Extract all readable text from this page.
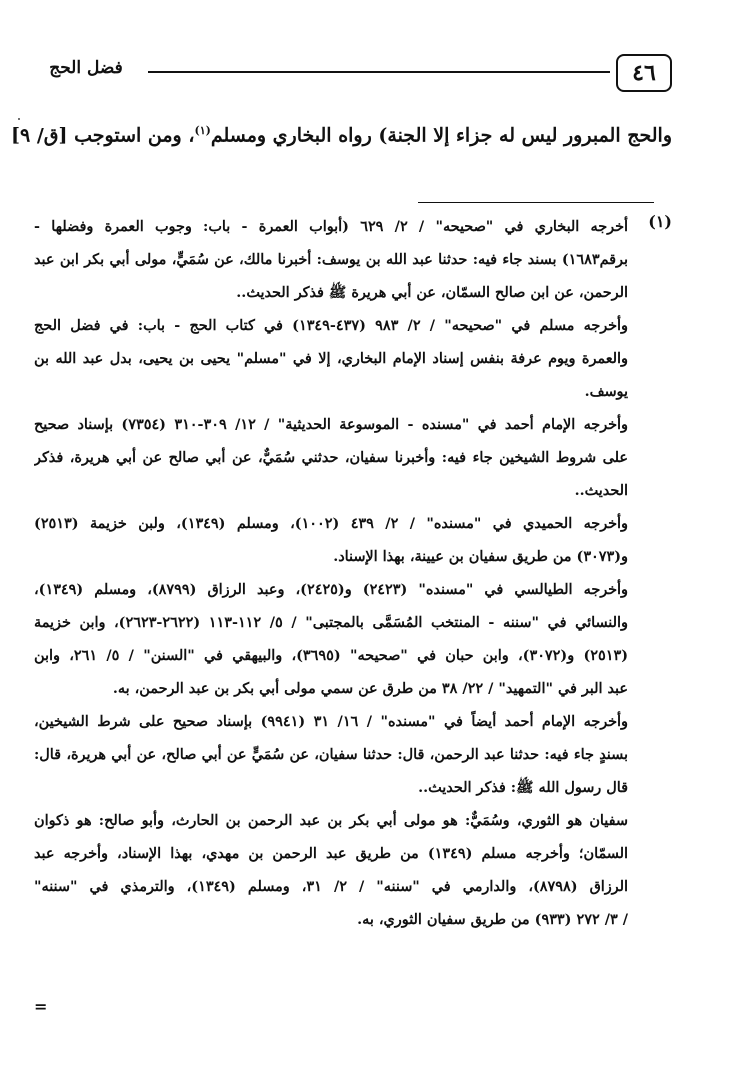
٤٦
فضل الحج
والحج المبرور ليس له جزاء إلا الجنة) رواه البخاري ومسلم$^{(١)}$، ومن استوجب [ق/ ٩]
(١)
أخرجه البخاري في "صحيحه" / ٢/ ٦٢٩ (أبواب العمرة - باب: وجوب العمرة وفضلها -
برقم١٦٨٣) بسند جاء فيه: حدثنا عبد الله بن يوسف: أخبرنا مالك، عن سُمَيٍّ، مولى أبي بكر ابن عبد
الرحمن، عن ابن صالح السمّان، عن أبي هريرة ﷺ فذكر الحديث..
وأخرجه مسلم في "صحيحه" / ٢/ ٩٨٣ (٤٣٧-١٣٤٩) في كتاب الحج - باب: في فضل الحج
والعمرة ويوم عرفة بنفس إسناد الإمام البخاري، إلا في "مسلم" يحيى بن يحيى، بدل عبد الله بن
يوسف.
وأخرجه الإمام أحمد في "مسنده - الموسوعة الحديثية" / ١٢/ ٣٠٩-٣١٠ (٧٣٥٤) بإسناد صحيح
على شروط الشيخين جاء فيه: وأخبرنا سفيان، حدثني سُمَيٌّ، عن أبي صالح عن أبي هريرة، فذكر
الحديث..
وأخرجه الحميدي في "مسنده" / ٢/ ٤٣٩ (١٠٠٢)، ومسلم (١٣٤٩)، ولبن خزيمة (٢٥١٣)
و(٣٠٧٣) من طريق سفيان بن عيينة، بهذا الإسناد.
وأخرجه الطيالسي في "مسنده" (٢٤٢٣) و(٢٤٢٥)، وعبد الرزاق (٨٧٩٩)، ومسلم (١٣٤٩)،
والنسائي في "سننه - المنتخب المُسَمَّى بالمجتبى" / ٥/ ١١٢-١١٣ (٢٦٢٢-٢٦٢٣)، وابن خزيمة
(٢٥١٣) و(٣٠٧٢)، وابن حبان في "صحيحه" (٣٦٩٥)، والبيهقي في "السنن" / ٥/ ٢٦١، وابن
عبد البر في "التمهيد" / ٢٢/ ٣٨ من طرق عن سمي مولى أبي بكر بن عبد الرحمن، به.
وأخرجه الإمام أحمد أيضاً في "مسنده" / ١٦/ ٣١ (٩٩٤١) بإسناد صحيح على شرط الشيخين،
بسندٍ جاء فيه: حدثنا عبد الرحمن، قال: حدثنا سفيان، عن سُمَيٍّ عن أبي صالح، عن أبي هريرة، قال:
قال رسول الله ﷺ: فذكر الحديث..
سفيان هو الثوري، وسُمَيٌّ: هو مولى أبي بكر بن عبد الرحمن بن الحارث، وأبو صالح: هو ذكوان
السمّان؛ وأخرجه مسلم (١٣٤٩) من طريق عبد الرحمن بن مهدي، بهذا الإسناد، وأخرجه عبد
الرزاق (٨٧٩٨)، والدارمي في "سننه" / ٢/ ٣١، ومسلم (١٣٤٩)، والترمذي في "سننه"
/ ٣/ ٢٧٢ (٩٣٣) من طريق سفيان الثوري، به.
=
